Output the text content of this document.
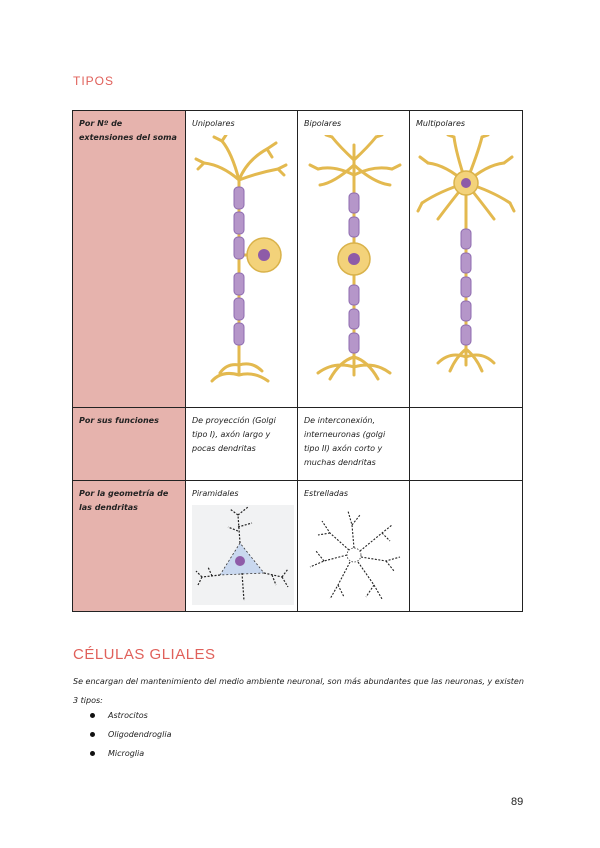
TIPOS
Por Nº de extensiones del soma	Unipolares	Bipolares	Multipolares

Por sus funciones	De proyección (Golgi tipo I), axón largo y pocas dendritas	De interconexión, interneuronas (golgi tipo II) axón corto y muchas dendritas	
Por la geometría de las dendritas	Piramidales	Estrelladas	

CÉLULAS GLIALES
Se encargan del mantenimiento del medio ambiente neuronal, son más abundantes que las neuronas, y existen 3 tipos:
Astrocitos
Oligodendroglia
Microglia
89
